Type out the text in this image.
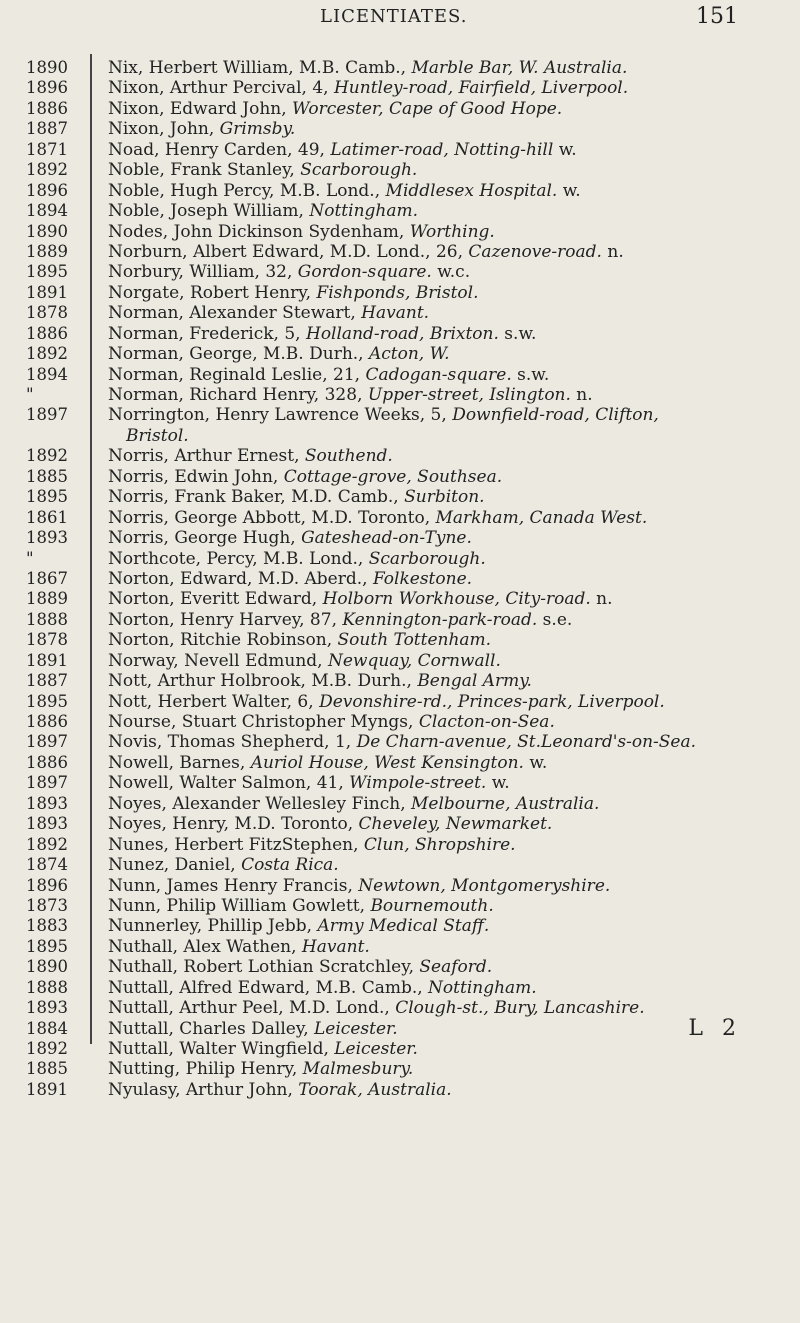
LICENTIATES.	151
1890
1896
1886
1887
1871
1892
1896
1894
1890
1889
1895
1891
1878
1886
1892
1894
"
1897
1892
1885
1895
1861
1893
"
1867
1889
1888
1878
1891
1887
1895
1886
1897
1886
1897
1893
1893
1892
1874
1896
1873
1883
1895
1890
1888
1893
1884
1892
1885
1891
Nix, Herbert William, M.B. Camb., Marble Bar, W. Australia.
Nixon, Arthur Percival, 4, Huntley-road, Fairfield, Liverpool.
Nixon, Edward John, Worcester, Cape of Good Hope.
Nixon, John, Grimsby.
Noad, Henry Carden, 49, Latimer-road, Notting-hill w.
Noble, Frank Stanley, Scarborough.
Noble, Hugh Percy, M.B. Lond., Middlesex Hospital. w.
Noble, Joseph William, Nottingham.
Nodes, John Dickinson Sydenham, Worthing.
Norburn, Albert Edward, M.D. Lond., 26, Cazenove-road. n.
Norbury, William, 32, Gordon-square. w.c.
Norgate, Robert Henry, Fishponds, Bristol.
Norman, Alexander Stewart, Havant.
Norman, Frederick, 5, Holland-road, Brixton. s.w.
Norman, George, M.B. Durh., Acton, W.
Norman, Reginald Leslie, 21, Cadogan-square. s.w.
Norman, Richard Henry, 328, Upper-street, Islington. n.
Norrington, Henry Lawrence Weeks, 5, Downfield-road, Clifton,
Bristol.
Norris, Arthur Ernest, Southend.
Norris, Edwin John, Cottage-grove, Southsea.
Norris, Frank Baker, M.D. Camb., Surbiton.
Norris, George Abbott, M.D. Toronto, Markham, Canada West.
Norris, George Hugh, Gateshead-on-Tyne.
Northcote, Percy, M.B. Lond., Scarborough.
Norton, Edward, M.D. Aberd., Folkestone.
Norton, Everitt Edward, Holborn Workhouse, City-road. n.
Norton, Henry Harvey, 87, Kennington-park-road. s.e.
Norton, Ritchie Robinson, South Tottenham.
Norway, Nevell Edmund, Newquay, Cornwall.
Nott, Arthur Holbrook, M.B. Durh., Bengal Army.
Nott, Herbert Walter, 6, Devonshire-rd., Princes-park, Liverpool.
Nourse, Stuart Christopher Myngs, Clacton-on-Sea.
Novis, Thomas Shepherd, 1, De Charn-avenue, St.Leonard's-on-Sea.
Nowell, Barnes, Auriol House, West Kensington. w.
Nowell, Walter Salmon, 41, Wimpole-street. w.
Noyes, Alexander Wellesley Finch, Melbourne, Australia.
Noyes, Henry, M.D. Toronto, Cheveley, Newmarket.
Nunes, Herbert FitzStephen, Clun, Shropshire.
Nunez, Daniel, Costa Rica.
Nunn, James Henry Francis, Newtown, Montgomeryshire.
Nunn, Philip William Gowlett, Bournemouth.
Nunnerley, Phillip Jebb, Army Medical Staff.
Nuthall, Alex Wathen, Havant.
Nuthall, Robert Lothian Scratchley, Seaford.
Nuttall, Alfred Edward, M.B. Camb., Nottingham.
Nuttall, Arthur Peel, M.D. Lond., Clough-st., Bury, Lancashire.
Nuttall, Charles Dalley, Leicester.
Nuttall, Walter Wingfield, Leicester.
Nutting, Philip Henry, Malmesbury.
Nyulasy, Arthur John, Toorak, Australia.
L 2
